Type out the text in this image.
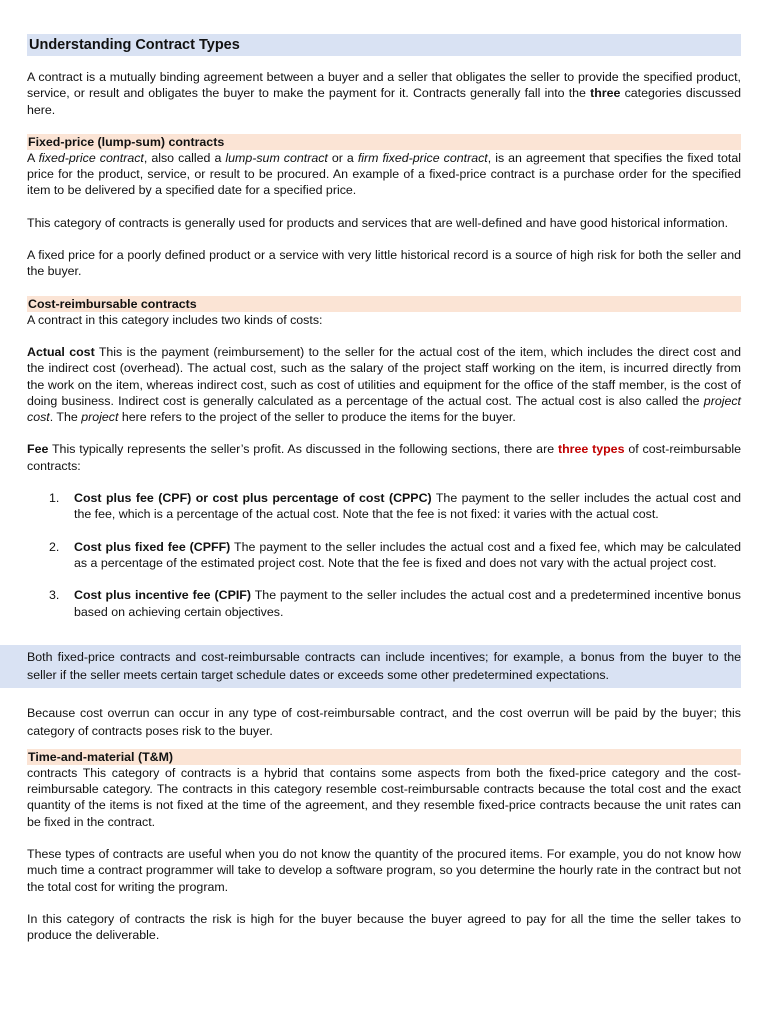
Understanding Contract Types

A contract is a mutually binding agreement between a buyer and a seller that obligates the seller to provide the specified product, service, or result and obligates the buyer to make the payment for it. Contracts generally fall into the three categories discussed here.

Fixed-price (lump-sum) contracts

A fixed-price contract, also called a lump-sum contract or a firm fixed-price contract, is an agreement that specifies the fixed total price for the product, service, or result to be procured. An example of a fixed-price contract is a purchase order for the specified item to be delivered by a specified date for a specified price.

This category of contracts is generally used for products and services that are well-defined and have good historical information.

A fixed price for a poorly defined product or a service with very little historical record is a source of high risk for both the seller and the buyer.

Cost-reimbursable contracts

A contract in this category includes two kinds of costs:

Actual cost This is the payment (reimbursement) to the seller for the actual cost of the item, which includes the direct cost and the indirect cost (overhead). The actual cost, such as the salary of the project staff working on the item, is incurred directly from the work on the item, whereas indirect cost, such as cost of utilities and equipment for the office of the staff member, is the cost of doing business. Indirect cost is generally calculated as a percentage of the actual cost. The actual cost is also called the project cost. The project here refers to the project of the seller to produce the items for the buyer.

Fee This typically represents the seller’s profit. As discussed in the following sections, there are three types of cost-reimbursable contracts:

1. Cost plus fee (CPF) or cost plus percentage of cost (CPPC) The payment to the seller includes the actual cost and the fee, which is a percentage of the actual cost. Note that the fee is not fixed: it varies with the actual cost.
2. Cost plus fixed fee (CPFF) The payment to the seller includes the actual cost and a fixed fee, which may be calculated as a percentage of the estimated project cost. Note that the fee is fixed and does not vary with the actual project cost.
3. Cost plus incentive fee (CPIF) The payment to the seller includes the actual cost and a predetermined incentive bonus based on achieving certain objectives.

Both fixed-price contracts and cost-reimbursable contracts can include incentives; for example, a bonus from the buyer to the seller if the seller meets certain target schedule dates or exceeds some other predetermined expectations.

Because cost overrun can occur in any type of cost-reimbursable contract, and the cost overrun will be paid by the buyer; this category of contracts poses risk to the buyer.

Time-and-material (T&M)

contracts This category of contracts is a hybrid that contains some aspects from both the fixed-price category and the cost-reimbursable category. The contracts in this category resemble cost-reimbursable contracts because the total cost and the exact quantity of the items is not fixed at the time of the agreement, and they resemble fixed-price contracts because the unit rates can be fixed in the contract.

These types of contracts are useful when you do not know the quantity of the procured items. For example, you do not know how much time a contract programmer will take to develop a software program, so you determine the hourly rate in the contract but not the total cost for writing the program.

In this category of contracts the risk is high for the buyer because the buyer agreed to pay for all the time the seller takes to produce the deliverable.
